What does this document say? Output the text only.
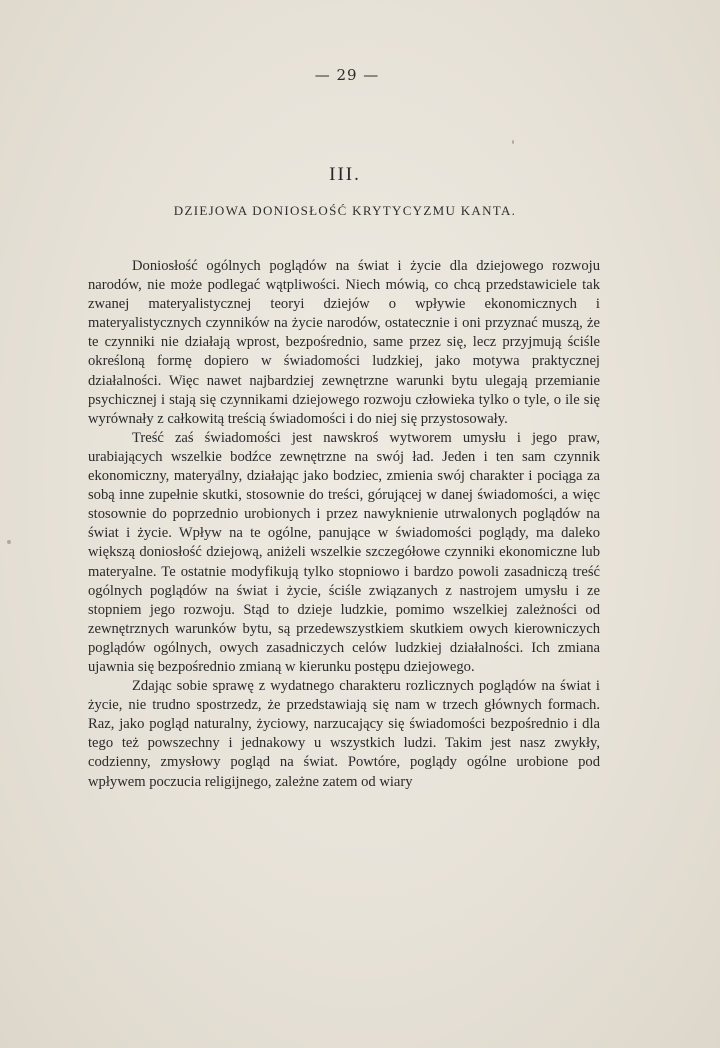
— 29 —
III.
DZIEJOWA DONIOSŁOŚĆ KRYTYCYZMU KANTA.

Doniosłość ogólnych poglądów na świat i życie dla dziejowego rozwoju narodów, nie może podlegać wątpliwości. Niech mówią, co chcą przedstawiciele tak zwanej materyalistycznej teoryi dziejów o wpływie ekonomicznych i materyalistycznych czynników na życie narodów, ostatecznie i oni przyznać muszą, że te czynniki nie działają wprost, bezpośrednio, same przez się, lecz przyjmują ściśle określoną formę dopiero w świadomości ludzkiej, jako motywa praktycznej działalności. Więc nawet najbardziej zewnętrzne warunki bytu ulegają przemianie psychicznej i stają się czynnikami dziejowego rozwoju człowieka tylko o tyle, o ile się wyrównały z całkowitą treścią świadomości i do niej się przystosowały.

Treść zaś świadomości jest nawskroś wytworem umysłu i jego praw, urabiających wszelkie bodźce zewnętrzne na swój ład. Jeden i ten sam czynnik ekonomiczny, materyalny, działając jako bodziec, zmienia swój charakter i pociąga za sobą inne zupełnie skutki, stosownie do treści, górującej w danej świadomości, a więc stosownie do poprzednio urobionych i przez nawyknienie utrwalonych poglądów na świat i życie. Wpływ na te ogólne, panujące w świadomości poglądy, ma daleko większą doniosłość dziejową, aniżeli wszelkie szczegółowe czynniki ekonomiczne lub materyalne. Te ostatnie modyfikują tylko stopniowo i bardzo powoli zasadniczą treść ogólnych poglądów na świat i życie, ściśle związanych z nastrojem umysłu i ze stopniem jego rozwoju. Stąd to dzieje ludzkie, pomimo wszelkiej zależności od zewnętrznych warunków bytu, są przedewszystkiem skutkiem owych kierowniczych poglądów ogólnych, owych zasadniczych celów ludzkiej działalności. Ich zmiana ujawnia się bezpośrednio zmianą w kierunku postępu dziejowego.

Zdając sobie sprawę z wydatnego charakteru rozlicznych poglądów na świat i życie, nie trudno spostrzedz, że przedstawiają się nam w trzech głównych formach. Raz, jako pogląd naturalny, życiowy, narzucający się świadomości bezpośrednio i dla tego też powszechny i jednakowy u wszystkich ludzi. Takim jest nasz zwykły, codzienny, zmysłowy pogląd na świat. Powtóre, poglądy ogólne urobione pod wpływem poczucia religijnego, zależne zatem od wiary
